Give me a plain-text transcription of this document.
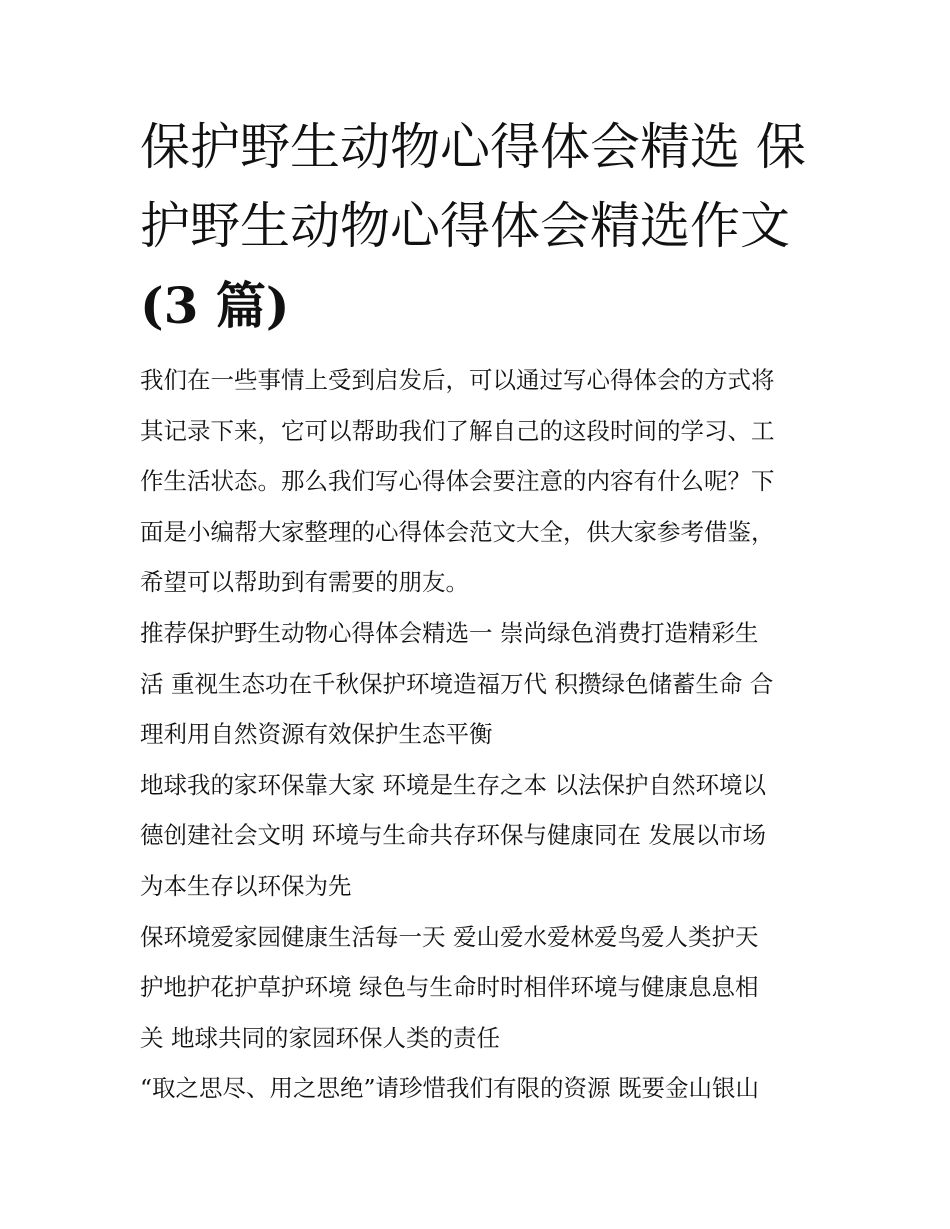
保护野生动物心得体会精选 保
护野生动物心得体会精选作文
(3 篇)

我们在一些事情上受到启发后，可以通过写心得体会的方式将
其记录下来，它可以帮助我们了解自己的这段时间的学习、工
作生活状态。那么我们写心得体会要注意的内容有什么呢？下
面是小编帮大家整理的心得体会范文大全，供大家参考借鉴，
希望可以帮助到有需要的朋友。

推荐保护野生动物心得体会精选一 崇尚绿色消费打造精彩生
活 重视生态功在千秋保护环境造福万代 积攒绿色储蓄生命 合
理利用自然资源有效保护生态平衡

地球我的家环保靠大家 环境是生存之本 以法保护自然环境以
德创建社会文明 环境与生命共存环保与健康同在 发展以市场
为本生存以环保为先

保环境爱家园健康生活每一天 爱山爱水爱林爱鸟爱人类护天
护地护花护草护环境 绿色与生命时时相伴环境与健康息息相
关 地球共同的家园环保人类的责任

“取之思尽、用之思绝”请珍惜我们有限的资源 既要金山银山
